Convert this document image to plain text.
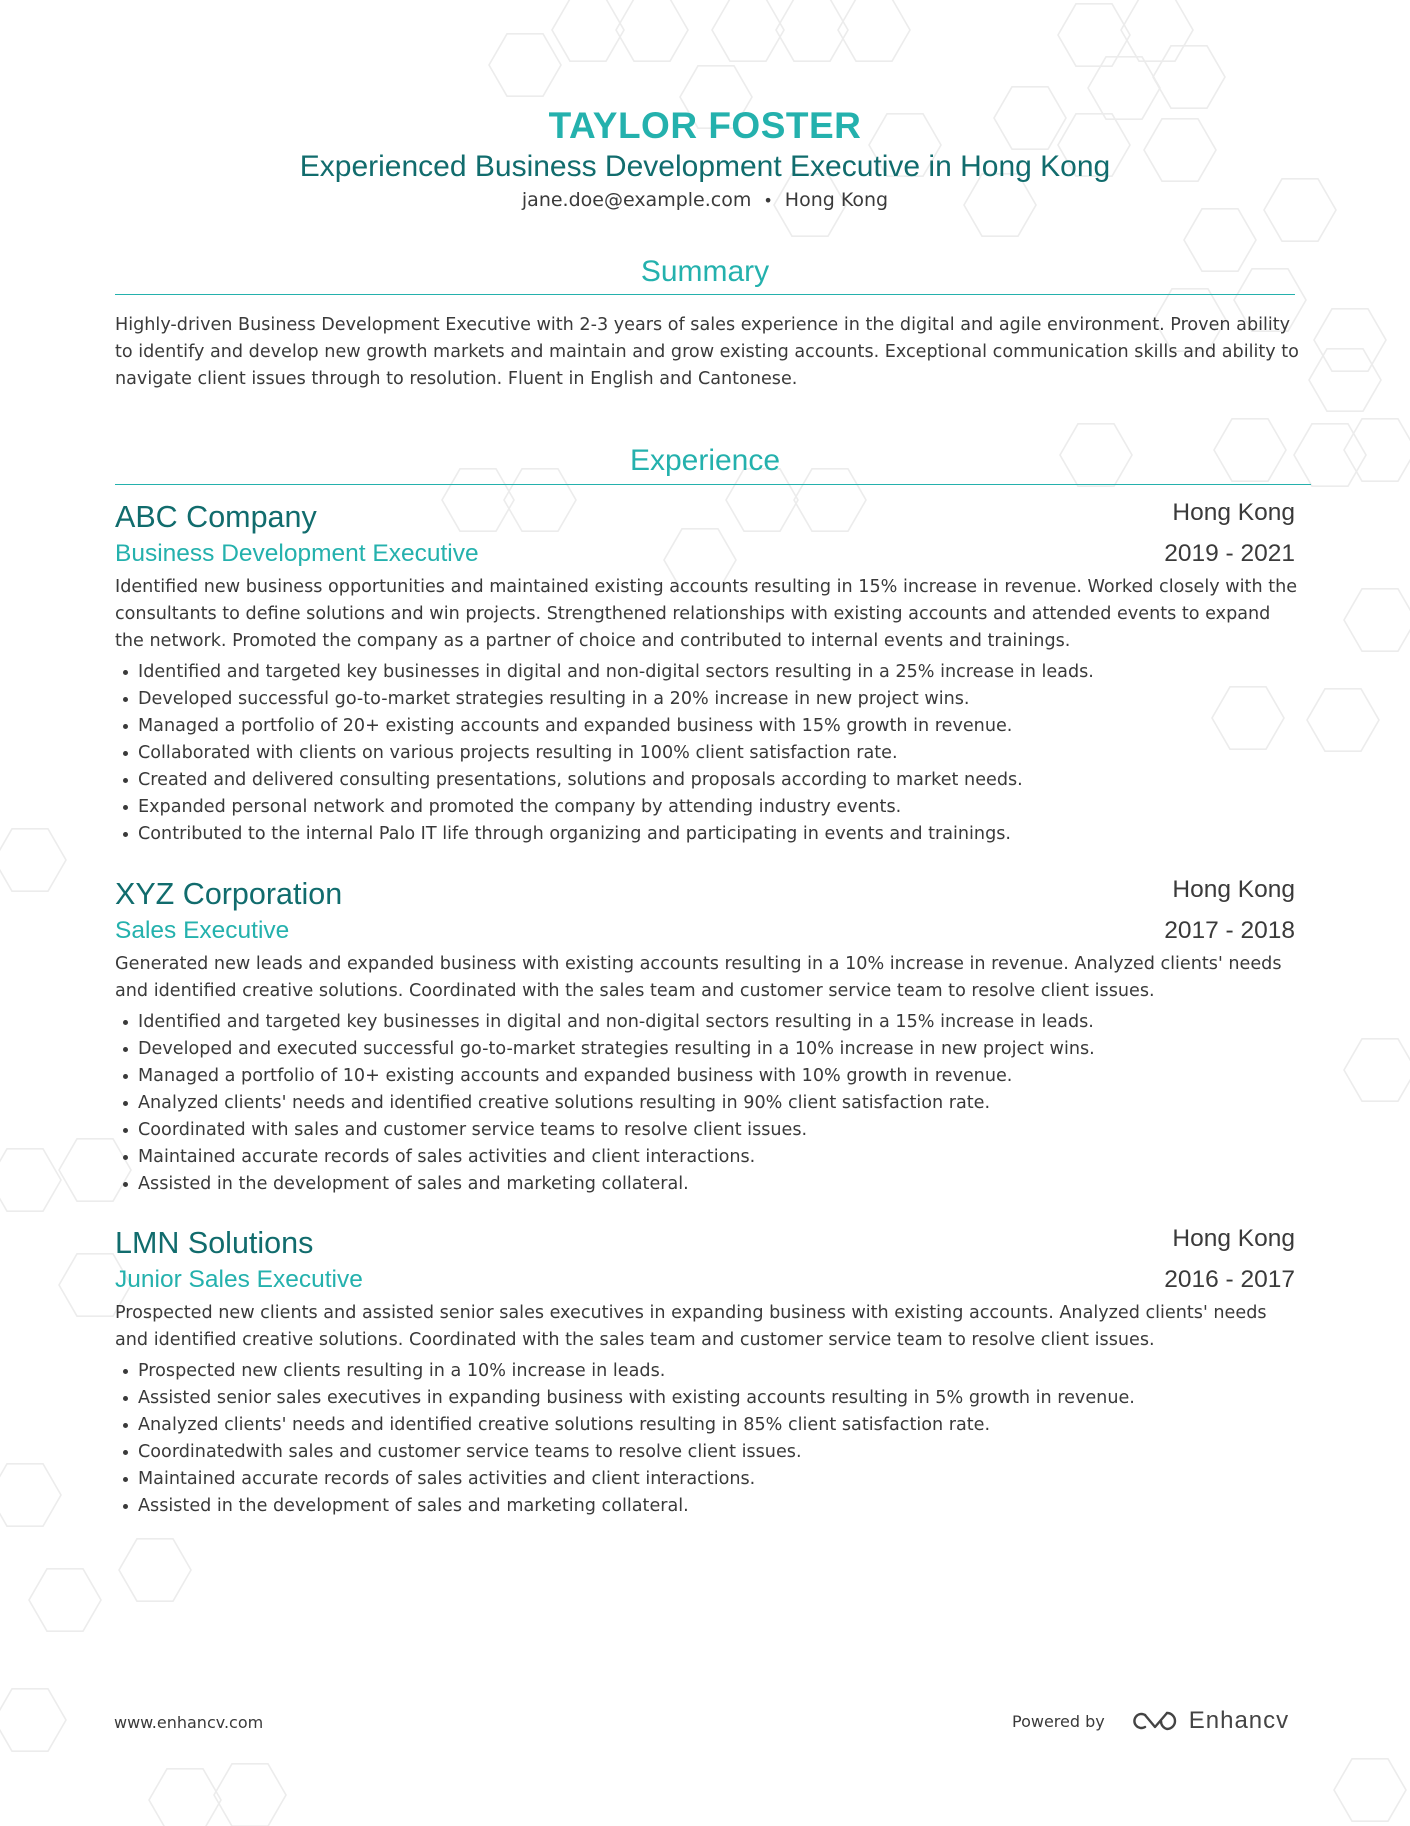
TAYLOR FOSTER
Experienced Business Development Executive in Hong Kong
jane.doe@example.com • Hong Kong
Summary
Highly-driven Business Development Executive with 2-3 years of sales experience in the digital and agile environment. Proven ability to identify and develop new growth markets and maintain and grow existing accounts. Exceptional communication skills and ability to navigate client issues through to resolution. Fluent in English and Cantonese.
Experience
ABC Company	Hong Kong
Business Development Executive	2019 - 2021
Identified new business opportunities and maintained existing accounts resulting in 15% increase in revenue. Worked closely with the consultants to define solutions and win projects. Strengthened relationships with existing accounts and attended events to expand the network. Promoted the company as a partner of choice and contributed to internal events and trainings.
Identified and targeted key businesses in digital and non-digital sectors resulting in a 25% increase in leads.
Developed successful go-to-market strategies resulting in a 20% increase in new project wins.
Managed a portfolio of 20+ existing accounts and expanded business with 15% growth in revenue.
Collaborated with clients on various projects resulting in 100% client satisfaction rate.
Created and delivered consulting presentations, solutions and proposals according to market needs.
Expanded personal network and promoted the company by attending industry events.
Contributed to the internal Palo IT life through organizing and participating in events and trainings.
XYZ Corporation	Hong Kong
Sales Executive	2017 - 2018
Generated new leads and expanded business with existing accounts resulting in a 10% increase in revenue. Analyzed clients' needs and identified creative solutions. Coordinated with the sales team and customer service team to resolve client issues.
Identified and targeted key businesses in digital and non-digital sectors resulting in a 15% increase in leads.
Developed and executed successful go-to-market strategies resulting in a 10% increase in new project wins.
Managed a portfolio of 10+ existing accounts and expanded business with 10% growth in revenue.
Analyzed clients' needs and identified creative solutions resulting in 90% client satisfaction rate.
Coordinated with sales and customer service teams to resolve client issues.
Maintained accurate records of sales activities and client interactions.
Assisted in the development of sales and marketing collateral.
LMN Solutions	Hong Kong
Junior Sales Executive	2016 - 2017
Prospected new clients and assisted senior sales executives in expanding business with existing accounts. Analyzed clients' needs and identified creative solutions. Coordinated with the sales team and customer service team to resolve client issues.
Prospected new clients resulting in a 10% increase in leads.
Assisted senior sales executives in expanding business with existing accounts resulting in 5% growth in revenue.
Analyzed clients' needs and identified creative solutions resulting in 85% client satisfaction rate.
Coordinatedwith sales and customer service teams to resolve client issues.
Maintained accurate records of sales activities and client interactions.
Assisted in the development of sales and marketing collateral.
www.enhancv.com	Powered by	Enhancv
